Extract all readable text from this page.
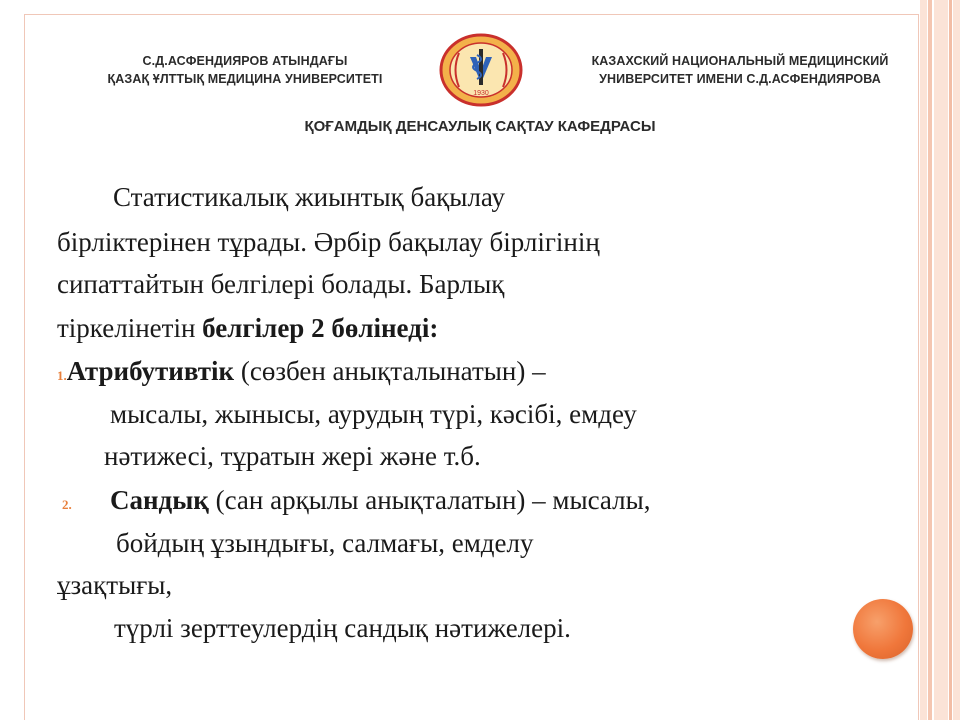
С.Д.АСФЕНДИЯРОВ АТЫНДАҒЫ
ҚАЗАҚ ҰЛТТЫҚ МЕДИЦИНА УНИВЕРСИТЕТІ
1930
КАЗАХСКИЙ НАЦИОНАЛЬНЫЙ МЕДИЦИНСКИЙ
УНИВЕРСИТЕТ ИМЕНИ С.Д.АСФЕНДИЯРОВА
ҚОҒАМДЫҚ ДЕНСАУЛЫҚ САҚТАУ КАФЕДРАСЫ
Статистикалық жиынтық бақылау
бірліктерінен тұрады. Әрбір бақылау бірлігінің
сипаттайтын белгілері болады. Барлық
тіркелінетін белгілер 2 бөлінеді:
1.Атрибутивтік (сөзбен анықталынатын) –
мысалы, жынысы, аурудың түрі, кәсібі, емдеу
нәтижесі, тұратын жері және т.б.
2. Сандық (сан арқылы анықталатын) – мысалы,
бойдың ұзындығы, салмағы, емделу
ұзақтығы,
түрлі зерттеулердің сандық нәтижелері.
